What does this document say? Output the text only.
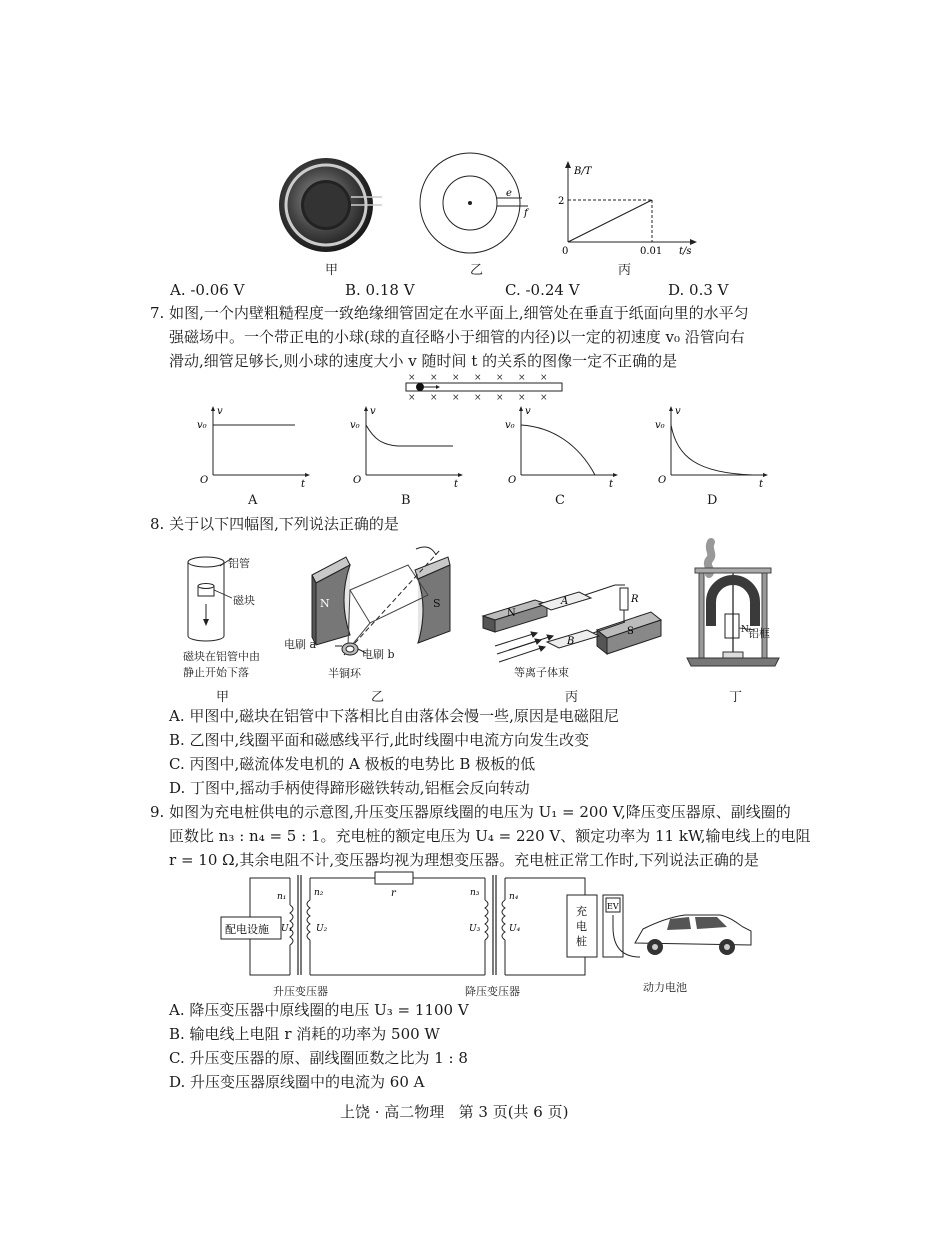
e
f
B/T
2
0	0.01 t/s
甲	乙	丙
A. -0.06 V	B. 0.18 V	C. -0.24 V	D. 0.3 V
7. 如图,一个内壁粗糙程度一致绝缘细管固定在水平面上,细管处在垂直于纸面向里的水平匀
强磁场中。一个带正电的小球(球的直径略小于细管的内径)以一定的初速度 v₀ 沿管向右
滑动,细管足够长,则小球的速度大小 v 随时间 t 的关系的图像一定不正确的是
× × × × × × ×
× × × × × × ×
v
v₀
O	t
v
v₀
O	t
v
v₀
O	t
v
v₀
O	t
A	B	C	D
8. 关于以下四幅图,下列说法正确的是
铝管
磁块
磁块在铝管中由
静止开始下落
N	S
电刷 a
电刷 b
半铜环
N
S
A
B
R
等离子体束
N 铝框
甲	乙	丙	丁
A. 甲图中,磁块在铝管中下落相比自由落体会慢一些,原因是电磁阻尼
B. 乙图中,线圈平面和磁感线平行,此时线圈中电流方向发生改变
C. 丙图中,磁流体发电机的 A 极板的电势比 B 极板的低
D. 丁图中,摇动手柄使得蹄形磁铁转动,铝框会反向转动
9. 如图为充电桩供电的示意图,升压变压器原线圈的电压为 U₁ = 200 V,降压变压器原、副线圈的
匝数比 n₃ : n₄ = 5 : 1。充电桩的额定电压为 U₄ = 220 V、额定功率为 11 kW,输电线上的电阻
r = 10 Ω,其余电阻不计,变压器均视为理想变压器。充电桩正常工作时,下列说法正确的是
配电设施
n₁
U₁
n₂
U₂
r	n₃
U₃
n₄
U₄
充
电
桩
EV
升压变压器	降压变压器	动力电池
A. 降压变压器中原线圈的电压 U₃ = 1100 V
B. 输电线上电阻 r 消耗的功率为 500 W
C. 升压变压器的原、副线圈匝数之比为 1 : 8
D. 升压变压器原线圈中的电流为 60 A
上饶 · 高二物理   第 3 页(共 6 页)
